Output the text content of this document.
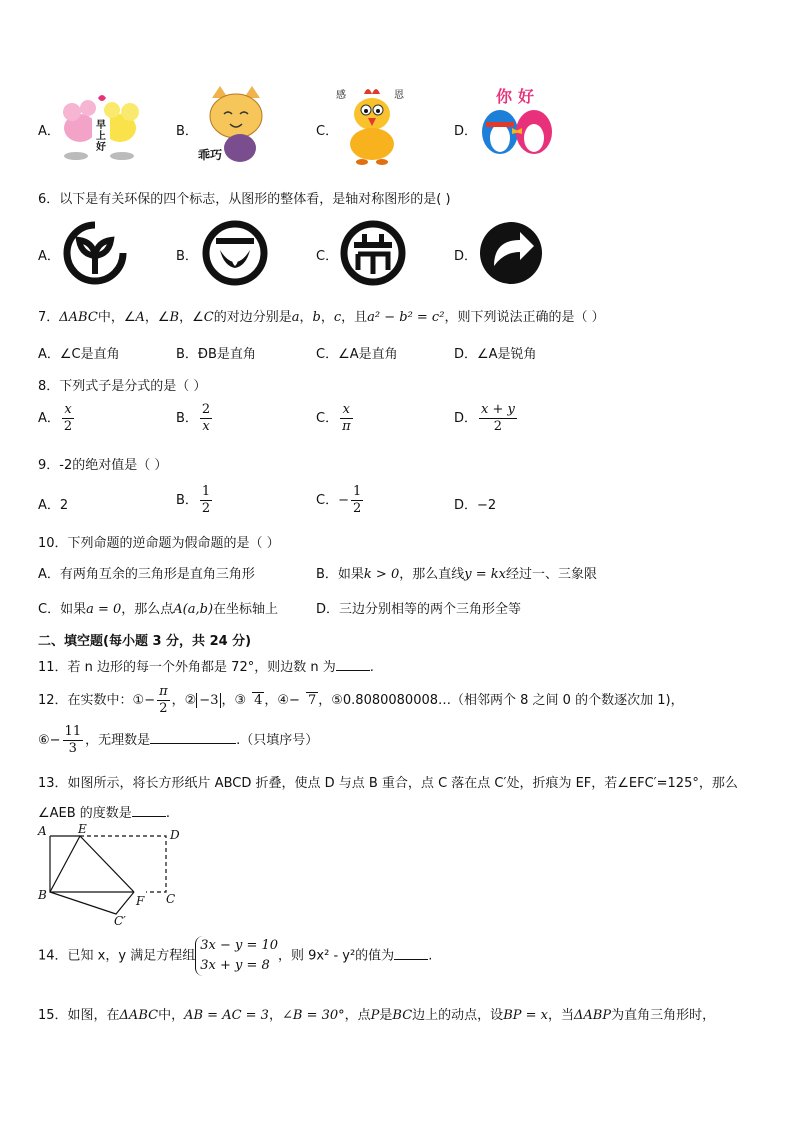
A．	早上好
B．
乖巧
C．
感	恩
D．
你好
6．以下是有关环保的四个标志，从图形的整体看，是轴对称图形的是( )
A．	B．	C．	D．
7．ΔABC中，∠A，∠B，∠C的对边分别是a，b，c，且a² − b² = c²，则下列说法正确的是（ ）
A．∠C是直角	B．ÐB是直角	C．∠A是直角	D．∠A是锐角
8．下列式子是分式的是（ ）
A． $\frac{x}{2}$	B． $\frac{2}{x}$	C． $\frac{x}{\pi}$	D． $\frac{x + y}{2}$
9．-2的绝对值是（ ）
A．2	B． $\frac{1}{2}$	C．− $\frac{1}{2}$	D．−2
10．下列命题的逆命题为假命题的是（ ）
A．有两角互余的三角形是直角三角形	B．如果k > 0，那么直线y = kx经过一、三象限
C．如果a = 0，那么点A(a,b)在坐标轴上	D．三边分别相等的两个三角形全等
二、填空题(每小题 3 分，共 24 分)
11．若 n 边形的每一个外角都是 72°，则边数 n 为	.
12．在实数中：①− $\frac{\pi}{2}$ ，② −3 ，③ 4 ，④− 7 ，⑤0.8080080008…（相邻两个 8 之间 0 的个数逐次加 1)，
⑥− $\frac{11}{3}$ ，无理数是	.（只填序号）
13．如图所示，将长方形纸片 ABCD 折叠，使点 D 与点 B 重合，点 C 落在点 C′处，折痕为 EF，若∠EFC′=125°，那么
∠AEB 的度数是	.
A	E	D
B	F C
C′
14．已知 x，y 满足方程组
3x − y = 10
3x + y = 8
，则 9x² - y²的值为	.
15．如图，在ΔABC中，AB = AC = 3，∠B = 30°，点P是BC边上的动点，设BP = x，当ΔABP为直角三角形时，
